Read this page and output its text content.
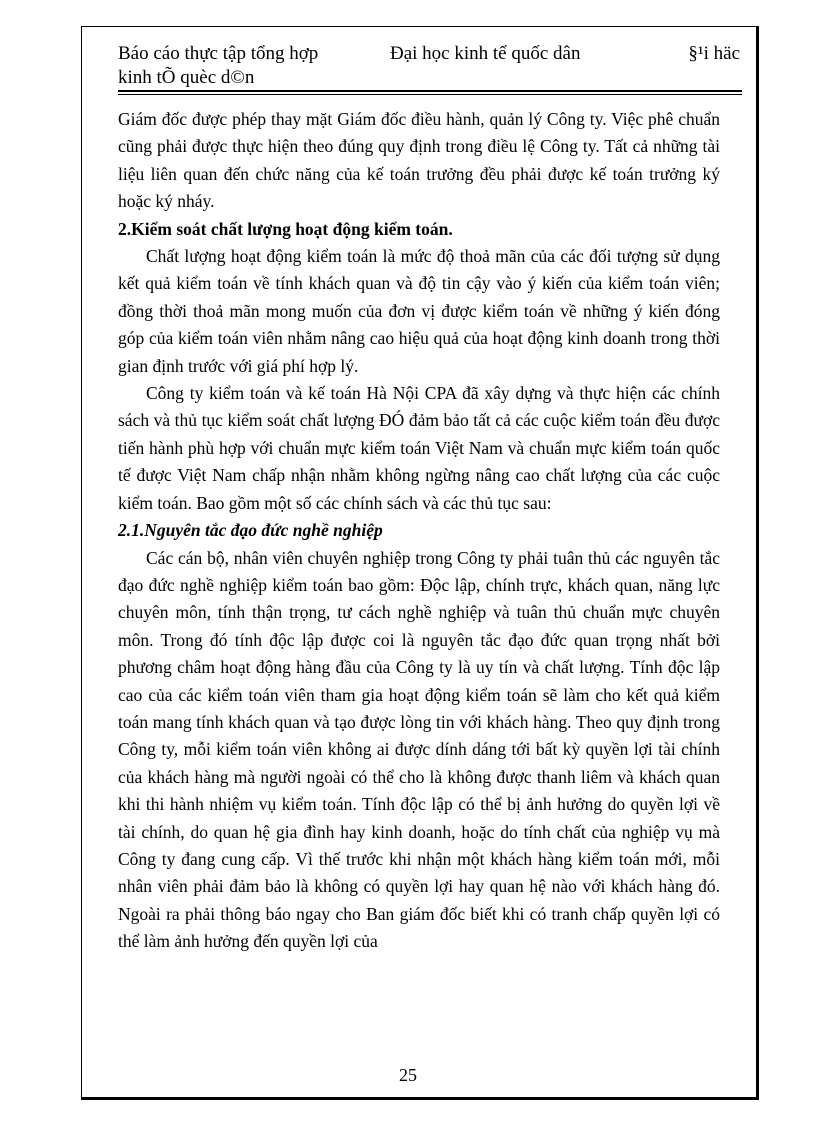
Báo cáo thực tập tổng hợp
kinh tÕ quèc d©n
Đại học kinh tế quốc dân	§¹i häc

Giám đốc được phép thay mặt Giám đốc điều hành, quản lý Công ty. Việc phê chuẩn cũng phải được thực hiện theo đúng quy định trong điều lệ Công ty. Tất cả những tài liệu liên quan đến chức năng của kế toán trưởng đều phải được kế toán trưởng ký hoặc ký nháy.

2.Kiểm soát chất lượng hoạt động kiểm toán.

Chất lượng hoạt động kiểm toán là mức độ thoả mãn của các đối tượng sử dụng kết quả kiểm toán về tính khách quan và độ tin cậy vào ý kiến của kiểm toán viên; đồng thời thoả mãn mong muốn của đơn vị được kiểm toán về những ý kiến đóng góp của kiểm toán viên nhằm nâng cao hiệu quả của hoạt động kinh doanh trong thời gian định trước với giá phí hợp lý.

Công ty kiểm toán và kế toán Hà Nội CPA đã xây dựng và thực hiện các chính sách và thủ tục kiểm soát chất lượng ĐÓ đảm bảo tất cả các cuộc kiểm toán đều được tiến hành phù hợp với chuẩn mực kiểm toán Việt Nam và chuẩn mực kiểm toán quốc tế được Việt Nam chấp nhận nhằm không ngừng nâng cao chất lượng của các cuộc kiểm toán. Bao gồm một số các chính sách và các thủ tục sau:

2.1.Nguyên tắc đạo đức nghề nghiệp

Các cán bộ, nhân viên chuyên nghiệp trong Công ty phải tuân thủ các nguyên tắc đạo đức nghề nghiệp kiểm toán bao gồm: Độc lập, chính trực, khách quan, năng lực chuyên môn, tính thận trọng, tư cách nghề nghiệp và tuân thủ chuẩn mực chuyên môn. Trong đó tính độc lập được coi là nguyên tắc đạo đức quan trọng nhất bởi phương châm hoạt động hàng đầu của Công ty là uy tín và chất lượng. Tính độc lập cao của các kiểm toán viên tham gia hoạt động kiểm toán sẽ làm cho kết quả kiểm toán mang tính khách quan và tạo được lòng tin với khách hàng. Theo quy định trong Công ty, mỗi kiểm toán viên không ai được dính dáng tới bất kỳ quyền lợi tài chính của khách hàng mà người ngoài có thể cho là không được thanh liêm và khách quan khi thi hành nhiệm vụ kiểm toán. Tính độc lập có thể bị ảnh hưởng do quyền lợi về tài chính, do quan hệ gia đình hay kinh doanh, hoặc do tính chất của nghiệp vụ mà Công ty đang cung cấp. Vì thế trước khi nhận một khách hàng kiểm toán mới, mỗi nhân viên phải đảm bảo là không có quyền lợi hay quan hệ nào với khách hàng đó. Ngoài ra phải thông báo ngay cho Ban giám đốc biết khi có tranh chấp quyền lợi có thể làm ảnh hưởng đến quyền lợi của

25
